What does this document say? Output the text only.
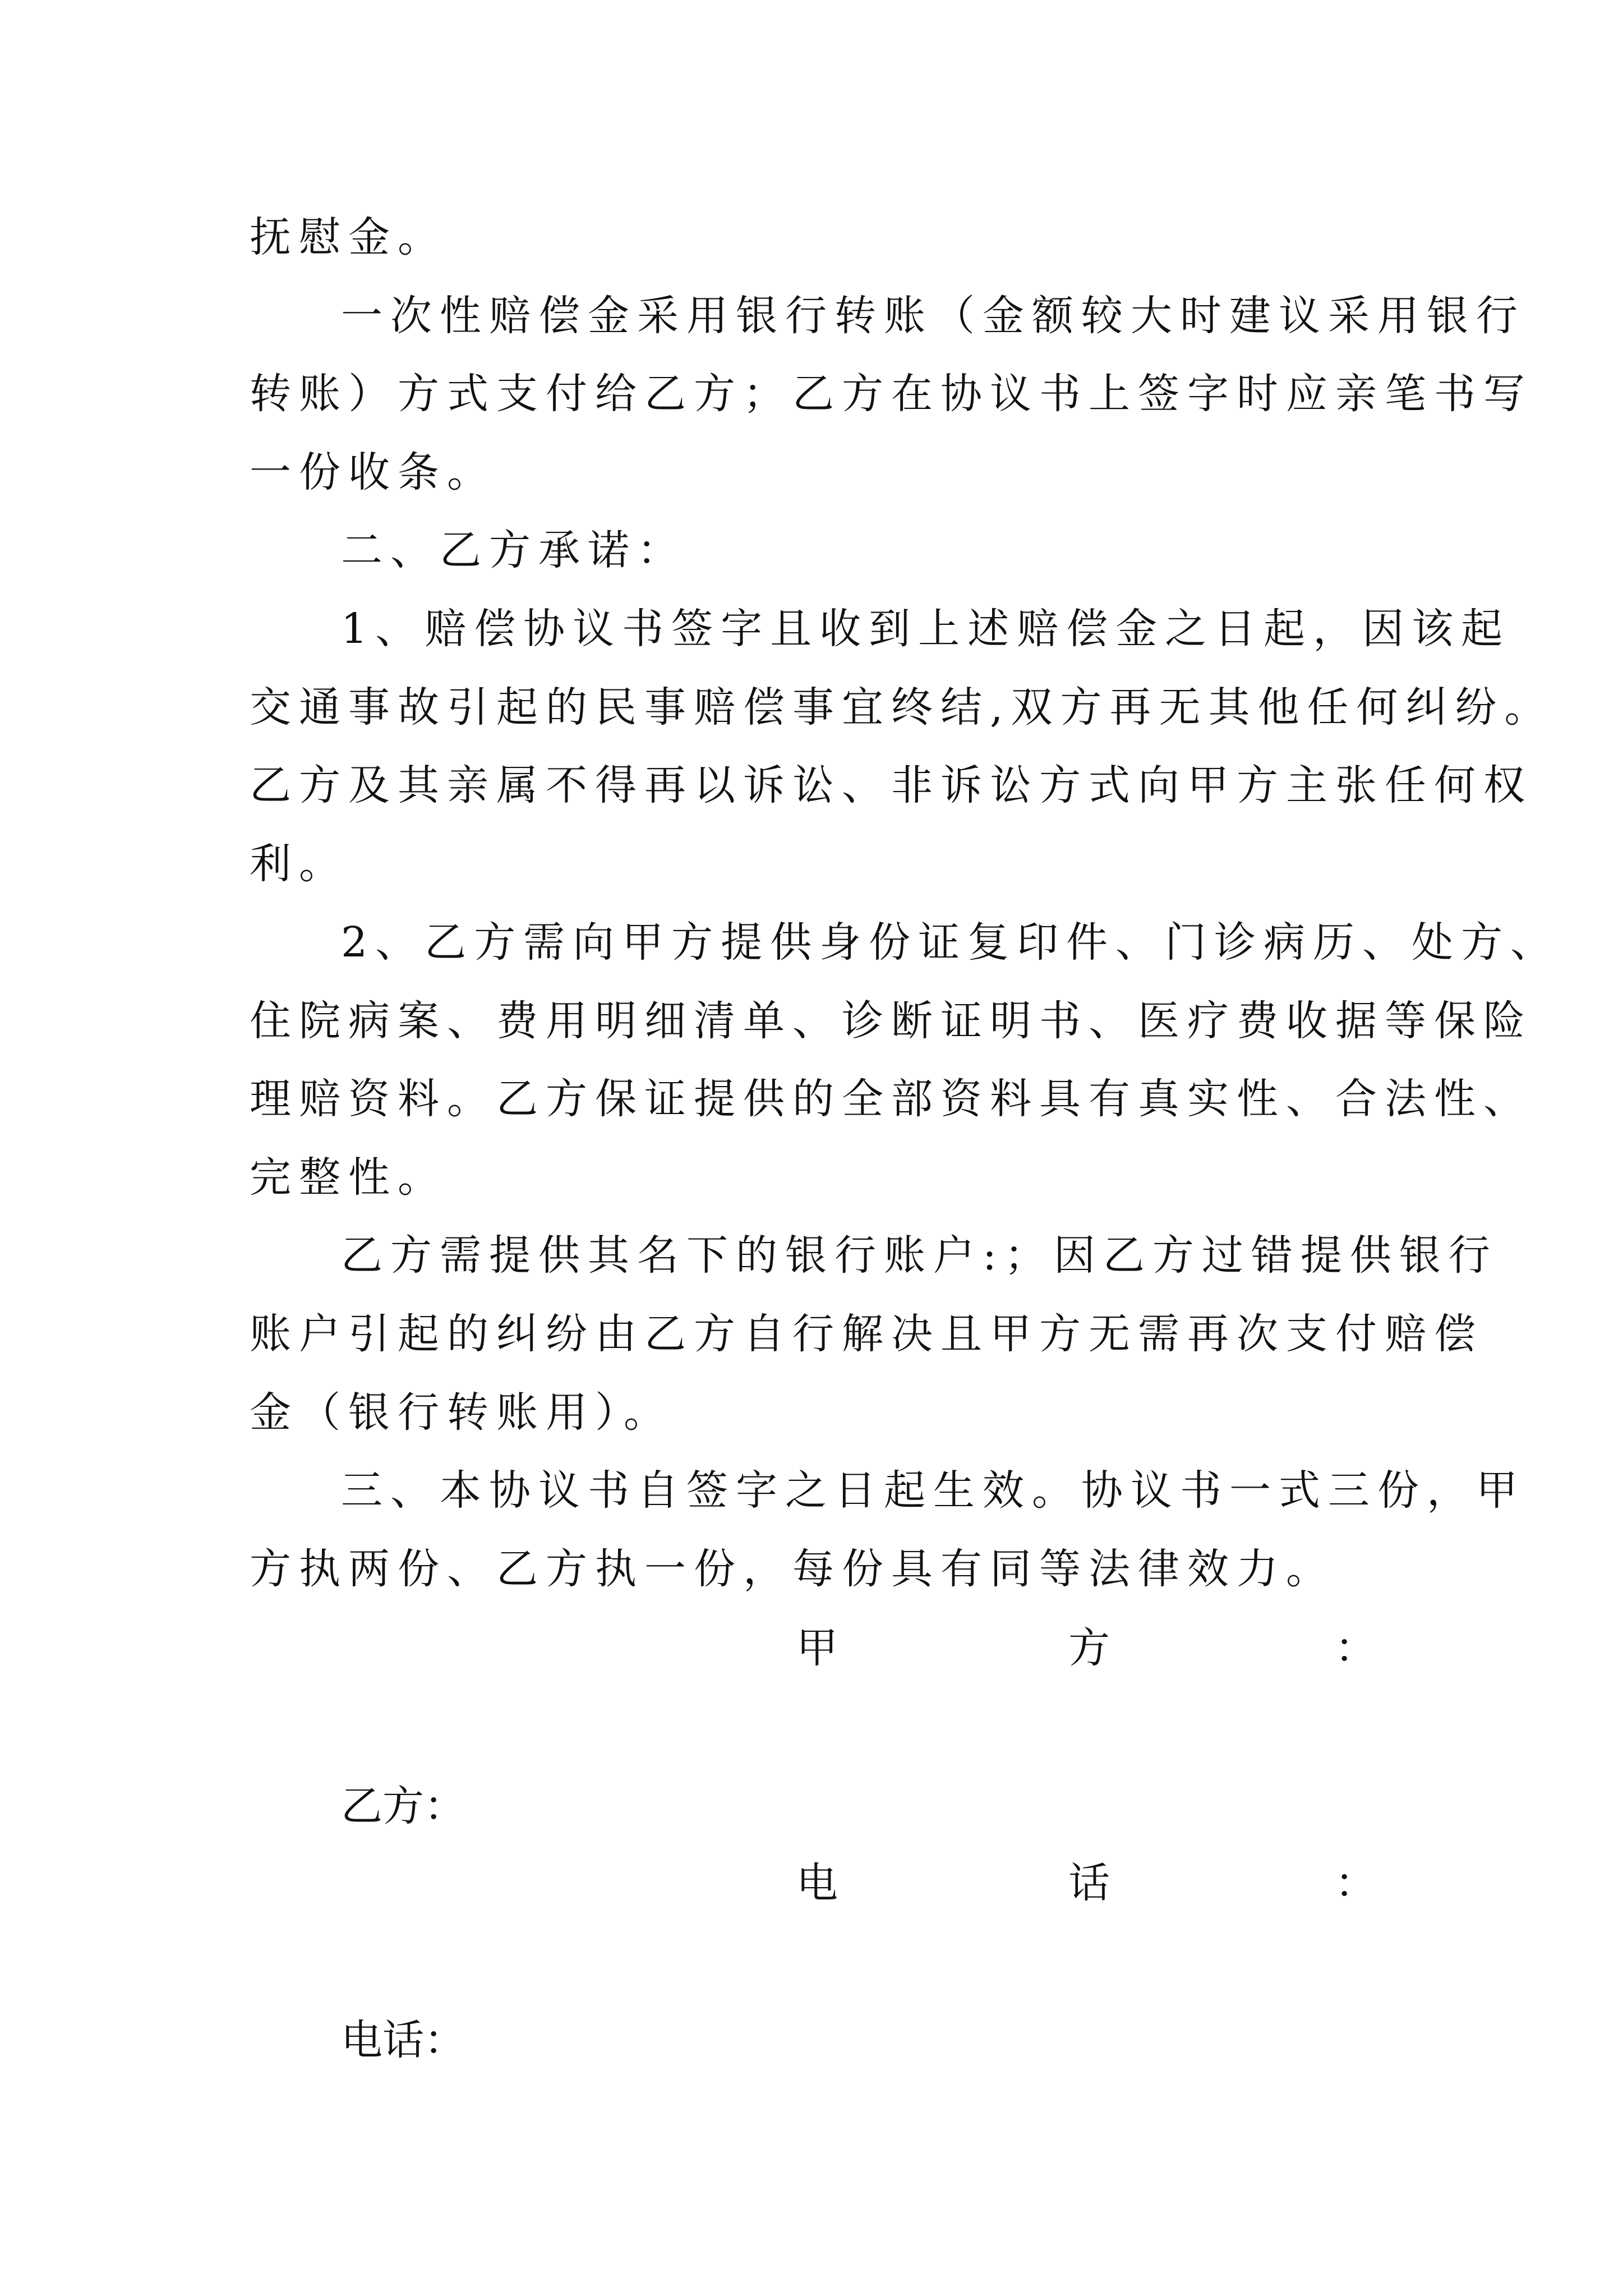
抚慰金。
一次性赔偿金采用银行转账（金额较大时建议采用银行
转账）方式支付给乙方；乙方在协议书上签字时应亲笔书写
一份收条。
二、乙方承诺：
1、赔偿协议书签字且收到上述赔偿金之日起，因该起
交通事故引起的民事赔偿事宜终结,双方再无其他任何纠纷。
乙方及其亲属不得再以诉讼、非诉讼方式向甲方主张任何权
利。
2、乙方需向甲方提供身份证复印件、门诊病历、处方、
住院病案、费用明细清单、诊断证明书、医疗费收据等保险
理赔资料。乙方保证提供的全部资料具有真实性、合法性、
完整性。
乙方需提供其名下的银行账户:；因乙方过错提供银行
账户引起的纠纷由乙方自行解决且甲方无需再次支付赔偿
金（银行转账用）。
三、本协议书自签字之日起生效。协议书一式三份，甲
方执两份、乙方执一份，每份具有同等法律效力。
甲	方	：
乙方：
电	话	：
电话：
